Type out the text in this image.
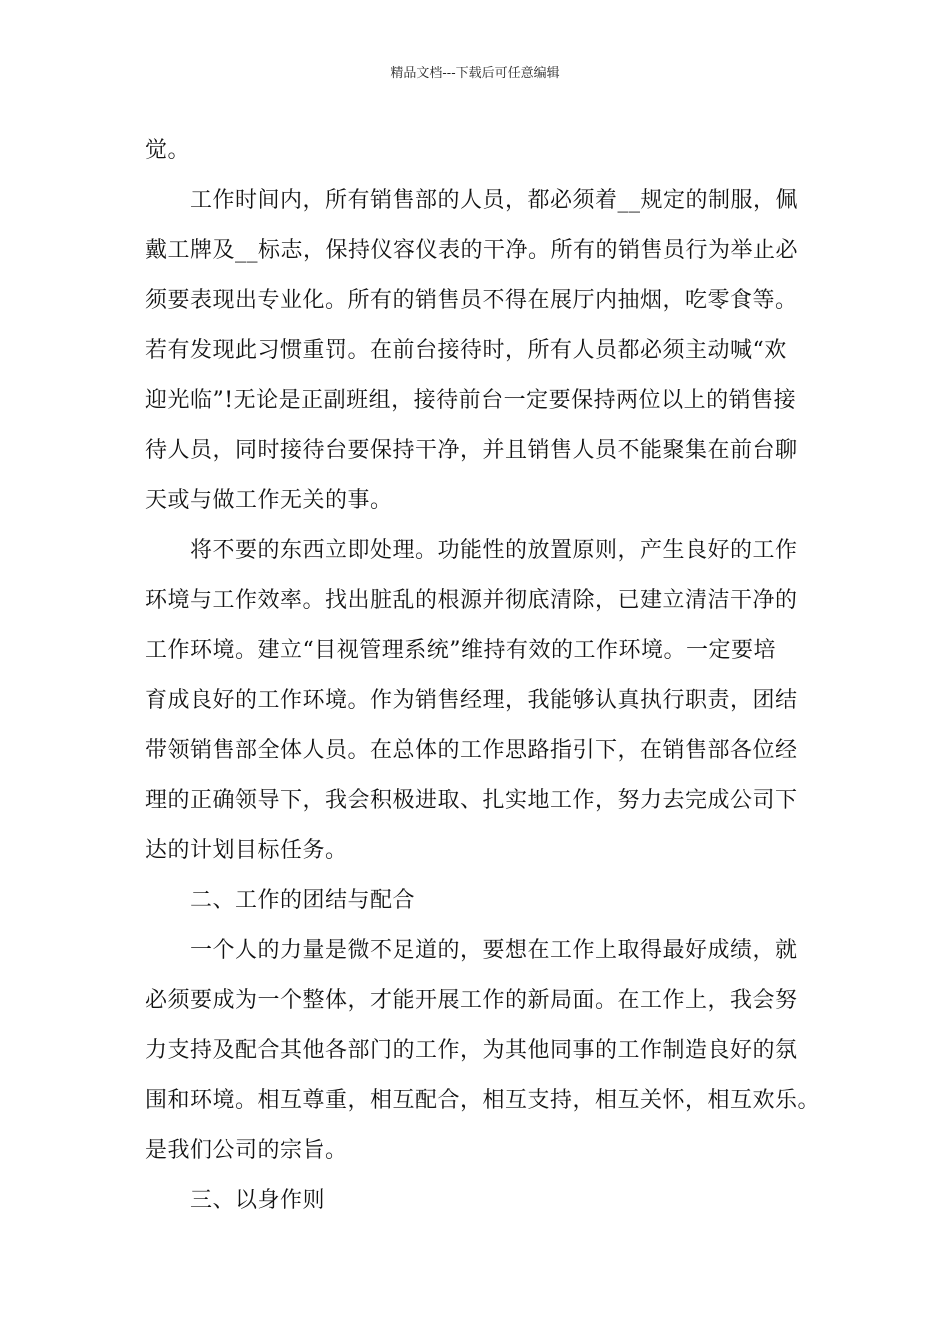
精品文档---下载后可任意编辑
觉。
工作时间内，所有销售部的人员，都必须着__规定的制服，佩
戴工牌及__标志，保持仪容仪表的干净。所有的销售员行为举止必
须要表现出专业化。所有的销售员不得在展厅内抽烟，吃零食等。
若有发现此习惯重罚。在前台接待时，所有人员都必须主动喊“欢
迎光临”!无论是正副班组，接待前台一定要保持两位以上的销售接
待人员，同时接待台要保持干净，并且销售人员不能聚集在前台聊
天或与做工作无关的事。
将不要的东西立即处理。功能性的放置原则，产生良好的工作
环境与工作效率。找出脏乱的根源并彻底清除，已建立清洁干净的
工作环境。建立“目视管理系统”维持有效的工作环境。一定要培
育成良好的工作环境。作为销售经理，我能够认真执行职责，团结
带领销售部全体人员。在总体的工作思路指引下，在销售部各位经
理的正确领导下，我会积极进取、扎实地工作，努力去完成公司下
达的计划目标任务。
二、工作的团结与配合
一个人的力量是微不足道的，要想在工作上取得最好成绩，就
必须要成为一个整体，才能开展工作的新局面。在工作上，我会努
力支持及配合其他各部门的工作，为其他同事的工作制造良好的氛
围和环境。相互尊重，相互配合，相互支持，相互关怀，相互欢乐。
是我们公司的宗旨。
三、以身作则
